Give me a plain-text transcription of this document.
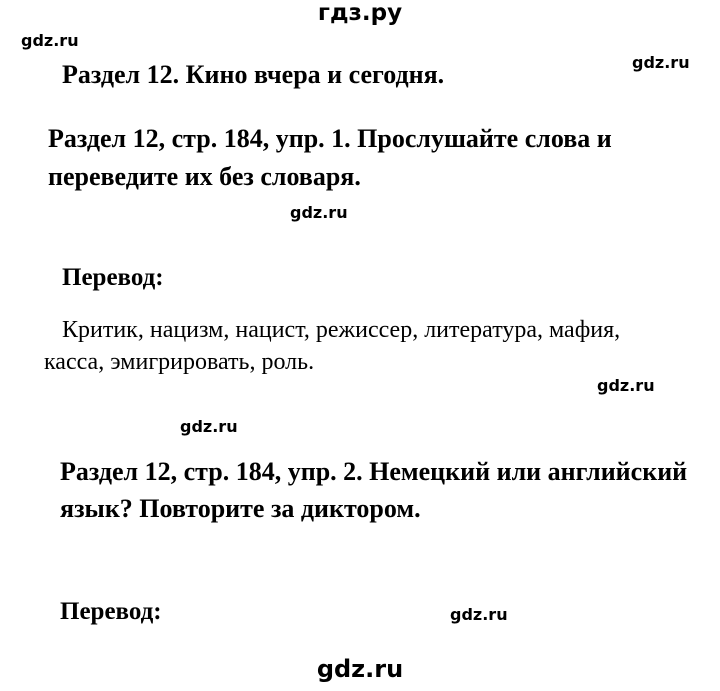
гдз.ру
gdz.ru
gdz.ru
gdz.ru
gdz.ru
gdz.ru
gdz.ru
Раздел 12. Кино вчера и сегодня.
Раздел 12, стр. 184, упр. 1. Прослушайте слова и
переведите их без словаря.
Перевод:
Критик, нацизм, нацист, режиссер, литература, мафия,
касса, эмигрировать, роль.
Раздел 12, стр. 184, упр. 2. Немецкий или английский
язык? Повторите за диктором.
Перевод:
gdz.ru
